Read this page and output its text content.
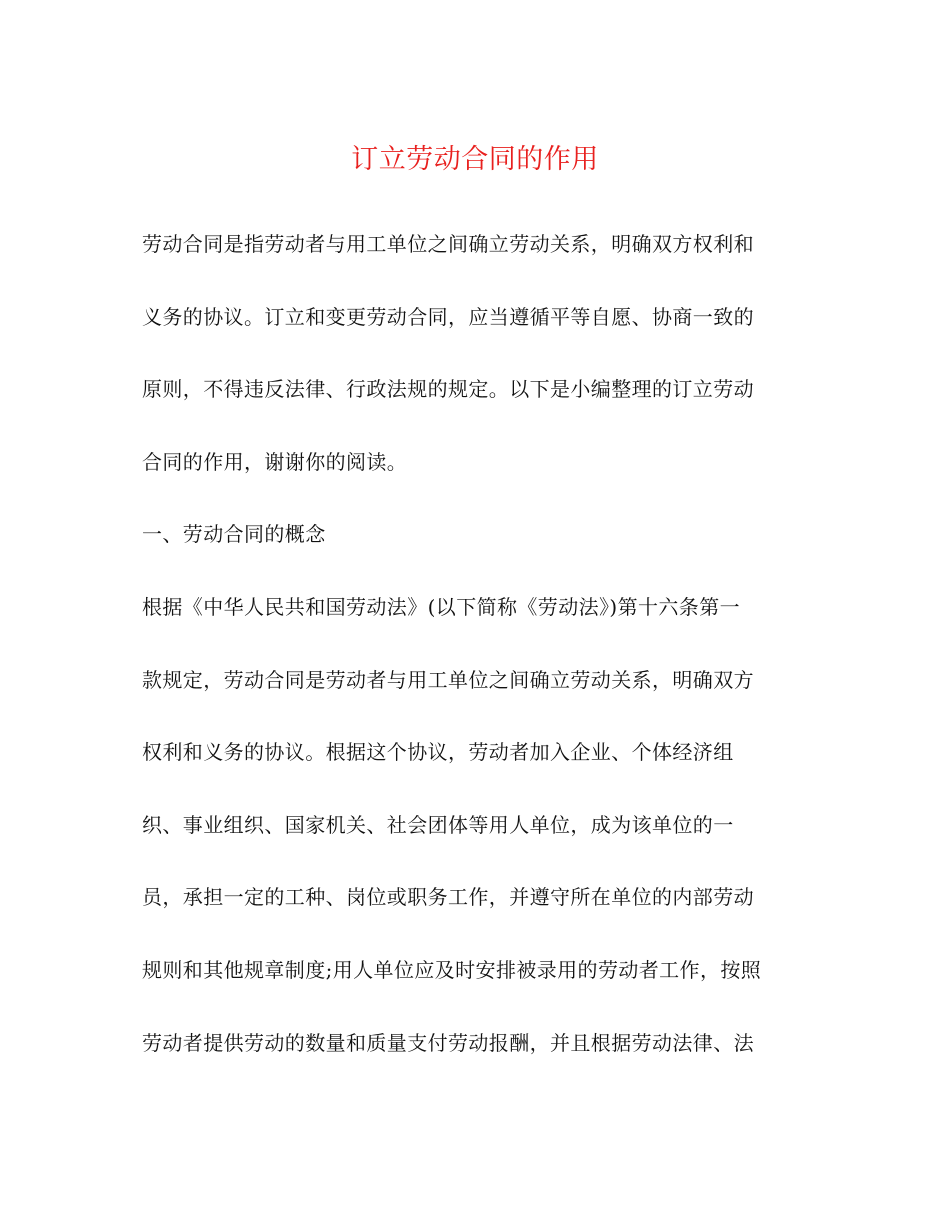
订立劳动合同的作用
劳动合同是指劳动者与用工单位之间确立劳动关系，明确双方权利和
义务的协议。订立和变更劳动合同，应当遵循平等自愿、协商一致的
原则，不得违反法律、行政法规的规定。以下是小编整理的订立劳动
合同的作用，谢谢你的阅读。
一、劳动合同的概念
根据《中华人民共和国劳动法》(以下简称《劳动法》)第十六条第一
款规定，劳动合同是劳动者与用工单位之间确立劳动关系，明确双方
权利和义务的协议。根据这个协议，劳动者加入企业、个体经济组
织、事业组织、国家机关、社会团体等用人单位，成为该单位的一
员，承担一定的工种、岗位或职务工作，并遵守所在单位的内部劳动
规则和其他规章制度;用人单位应及时安排被录用的劳动者工作，按照
劳动者提供劳动的数量和质量支付劳动报酬，并且根据劳动法律、法
